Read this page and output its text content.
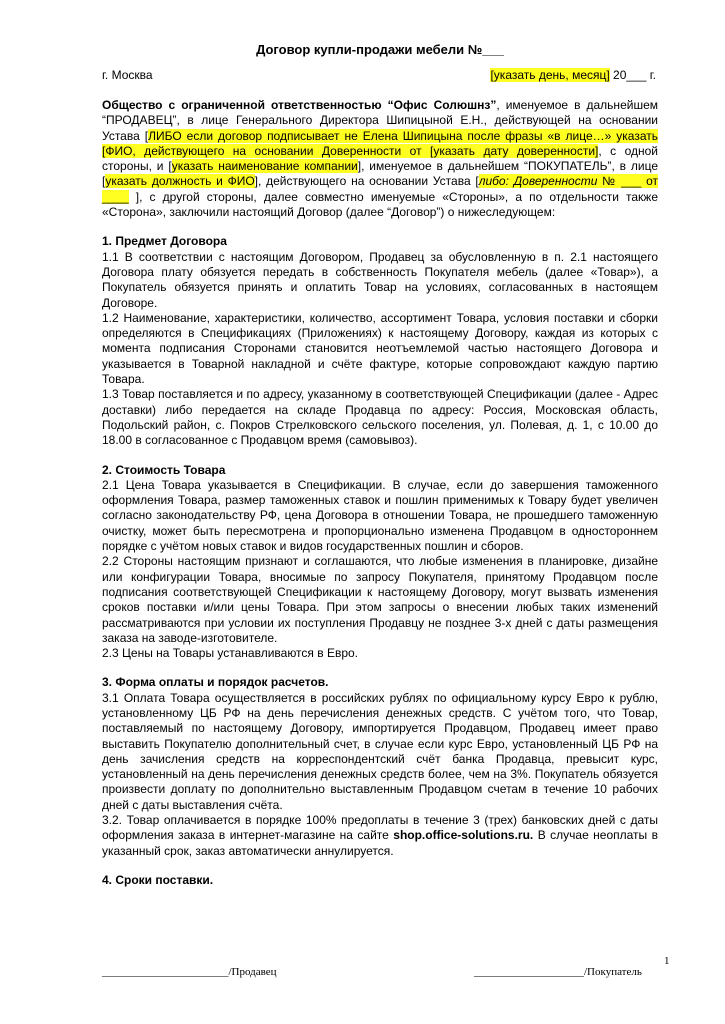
Договор купли-продажи мебели №___
г. Москва	[указать день, месяц] 20___ г.

Общество с ограниченной ответственностью “Офис Солюшнз”, именуемое в дальнейшем “ПРОДАВЕЦ”, в лице Генерального Директора Шипицыной Е.Н., действующей на основании Устава [ЛИБО если договор подписывает не Елена Шипицына после фразы «в лице…» указать [ФИО, действующего на основании Доверенности от [указать дату доверенности], с одной стороны, и [указать наименование компании], именуемое в дальнейшем “ПОКУПАТЕЛЬ”, в лице [указать должность и ФИО], действующего на основании Устава [либо: Доверенности № ___ от ____ ], с другой стороны, далее совместно именуемые «Стороны», а по отдельности также «Сторона», заключили настоящий Договор (далее “Договор”) о нижеследующем:

1. Предмет Договора

1.1 В соответствии с настоящим Договором, Продавец за обусловленную в п. 2.1 настоящего Договора плату обязуется передать в собственность Покупателя мебель (далее «Товар»), а Покупатель обязуется принять и оплатить Товар на условиях, согласованных в настоящем Договоре.

1.2 Наименование, характеристики, количество, ассортимент Товара, условия поставки и сборки определяются в Спецификациях (Приложениях) к настоящему Договору, каждая из которых с момента подписания Сторонами становится неотъемлемой частью настоящего Договора и указывается в Товарной накладной и счёте фактуре, которые сопровождают каждую партию Товара.

1.3 Товар поставляется и по адресу, указанному в соответствующей Спецификации (далее - Адрес доставки) либо передается на складе Продавца по адресу: Россия, Московская область, Подольский район, с. Покров Стрелковского сельского поселения, ул. Полевая, д. 1, с 10.00 до 18.00 в согласованное с Продавцом время (самовывоз).

2. Стоимость Товара

2.1 Цена Товара указывается в Спецификации. В случае, если до завершения таможенного оформления Товара, размер таможенных ставок и пошлин применимых к Товару будет увеличен согласно законодательству РФ, цена Договора в отношении Товара, не прошедшего таможенную очистку, может быть пересмотрена и пропорционально изменена Продавцом в одностороннем порядке с учётом новых ставок и видов государственных пошлин и сборов.

2.2 Стороны настоящим признают и соглашаются, что любые изменения в планировке, дизайне или конфигурации Товара, вносимые по запросу Покупателя, принятому Продавцом после подписания соответствующей Спецификации к настоящему Договору, могут вызвать изменения сроков поставки и/или цены Товара. При этом запросы о внесении любых таких изменений рассматриваются при условии их поступления Продавцу не позднее 3-х дней с даты размещения заказа на заводе-изготовителе.

2.3 Цены на Товары устанавливаются в Евро.

3. Форма оплаты и порядок расчетов.

3.1 Оплата Товара осуществляется в российских рублях по официальному курсу Евро к рублю, установленному ЦБ РФ на день перечисления денежных средств. С учётом того, что Товар, поставляемый по настоящему Договору, импортируется Продавцом, Продавец имеет право выставить Покупателю дополнительный счет, в случае если курс Евро, установленный ЦБ РФ на день зачисления средств на корреспондентский счёт банка Продавца, превысит курс, установленный на день перечисления денежных средств более, чем на 3%. Покупатель обязуется произвести доплату по дополнительно выставленным Продавцом счетам в течение 10 рабочих дней с даты выставления счёта.

3.2. Товар оплачивается в порядке 100% предоплаты в течение 3 (трех) банковских дней с даты оформления заказа в интернет-магазине на сайте shop.office-solutions.ru. В случае неоплаты в указанный срок, заказ автоматически аннулируется.

4. Сроки поставки.
1
_______________________/Продавец	____________________/Покупатель
